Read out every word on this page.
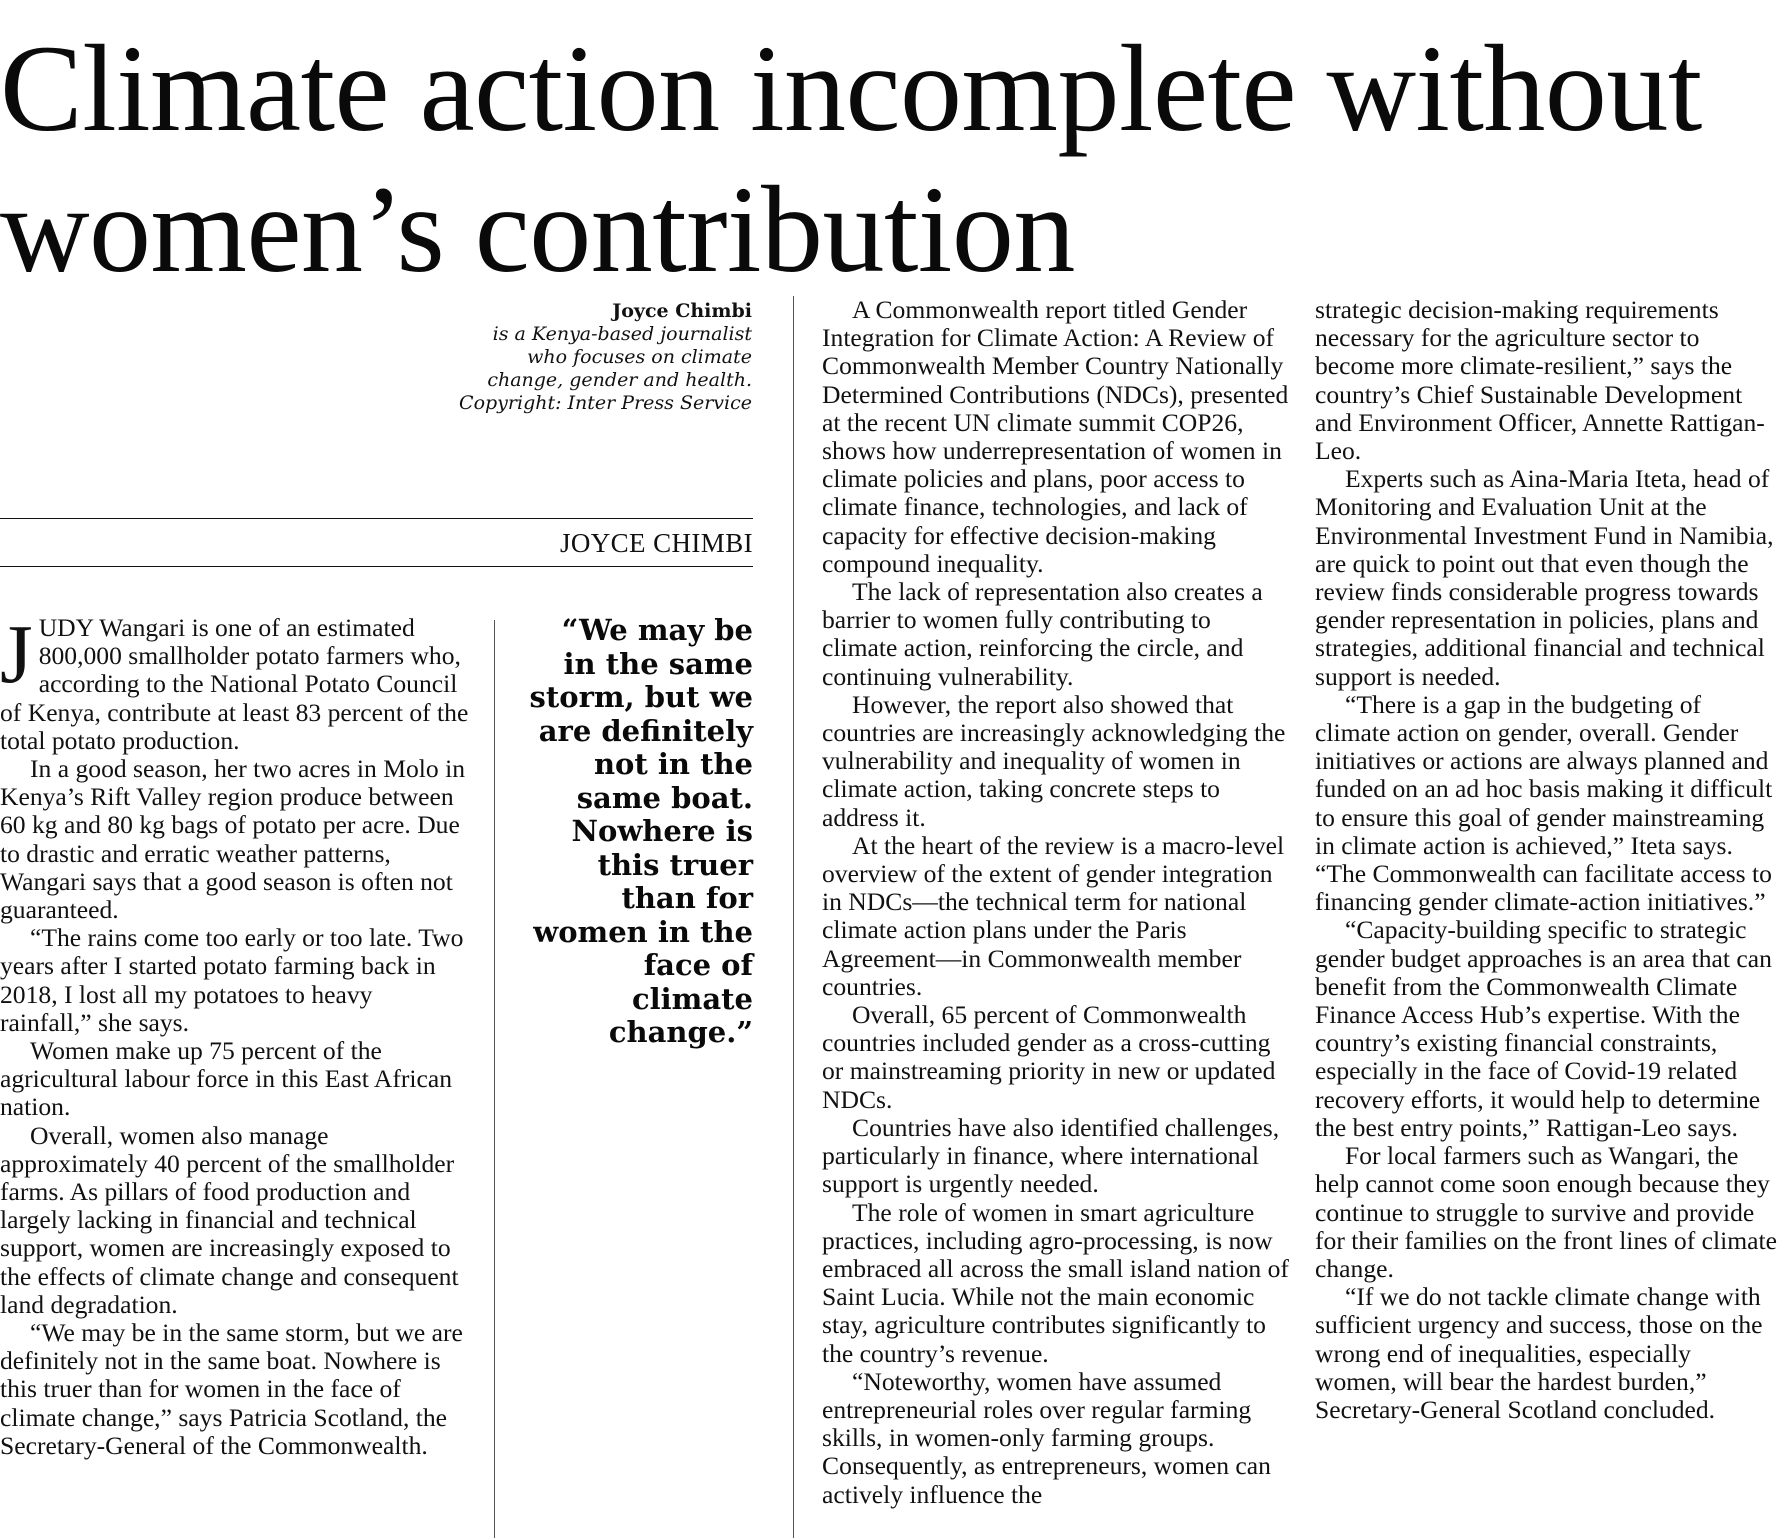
Climate action incomplete without
women’s contribution
Joyce Chimbi
is a Kenya-based journalist
who focuses on climate
change, gender and health.
Copyright: Inter Press Service
JOYCE CHIMBI

JUDY Wangari is one of an estimated 800,000 smallholder potato farmers who, according to the National Potato Council of Kenya, contribute at least 83 percent of the total potato production.

In a good season, her two acres in Molo in Kenya’s Rift Valley region produce between 60 kg and 80 kg bags of potato per acre. Due to drastic and erratic weather patterns, Wangari says that a good season is often not guaranteed.

“The rains come too early or too late. Two years after I started potato farming back in 2018, I lost all my potatoes to heavy rainfall,” she says.

Women make up 75 percent of the agricultural labour force in this East African nation.

Overall, women also manage approximately 40 percent of the smallholder farms. As pillars of food production and largely lacking in financial and technical support, women are increasingly exposed to the effects of climate change and consequent land degradation.

“We may be in the same storm, but we are definitely not in the same boat. Nowhere is this truer than for women in the face of climate change,” says Patricia Scotland, the Secretary-General of the Commonwealth.

“We may be in the same storm, but we are definitely not in the same boat. Nowhere is this truer than for women in the face of climate change.”

A Commonwealth report titled Gender Integration for Climate Action: A Review of Commonwealth Member Country Nationally Determined Contributions (NDCs), presented at the recent UN climate summit COP26, shows how underrepresentation of women in climate policies and plans, poor access to climate finance, technologies, and lack of capacity for effective decision-making compound inequality.

The lack of representation also creates a barrier to women fully contributing to climate action, reinforcing the circle, and continuing vulnerability.

However, the report also showed that countries are increasingly acknowledging the vulnerability and inequality of women in climate action, taking concrete steps to address it.

At the heart of the review is a macro-level overview of the extent of gender integration in NDCs—the technical term for national climate action plans under the Paris Agreement—in Commonwealth member countries.

Overall, 65 percent of Commonwealth countries included gender as a cross-cutting or mainstreaming priority in new or updated NDCs.

Countries have also identified challenges, particularly in finance, where international support is urgently needed.

The role of women in smart agriculture practices, including agro-processing, is now embraced all across the small island nation of Saint Lucia. While not the main economic stay, agriculture contributes significantly to the country’s revenue.

“Noteworthy, women have assumed entrepreneurial roles over regular farming skills, in women-only farming groups. Consequently, as entrepreneurs, women can actively influence the

strategic decision-making requirements necessary for the agriculture sector to become more climate-resilient,” says the country’s Chief Sustainable Development and Environment Officer, Annette Rattigan-Leo.

Experts such as Aina-Maria Iteta, head of Monitoring and Evaluation Unit at the Environmental Investment Fund in Namibia, are quick to point out that even though the review finds considerable progress towards gender representation in policies, plans and strategies, additional financial and technical support is needed.

“There is a gap in the budgeting of climate action on gender, overall. Gender initiatives or actions are always planned and funded on an ad hoc basis making it difficult to ensure this goal of gender mainstreaming in climate action is achieved,” Iteta says. “The Commonwealth can facilitate access to financing gender climate-action initiatives.”

“Capacity-building specific to strategic gender budget approaches is an area that can benefit from the Commonwealth Climate Finance Access Hub’s expertise. With the country’s existing financial constraints, especially in the face of Covid-19 related recovery efforts, it would help to determine the best entry points,” Rattigan-Leo says.

For local farmers such as Wangari, the help cannot come soon enough because they continue to struggle to survive and provide for their families on the front lines of climate change.

“If we do not tackle climate change with sufficient urgency and success, those on the wrong end of inequalities, especially women, will bear the hardest burden,” Secretary-General Scotland concluded.
